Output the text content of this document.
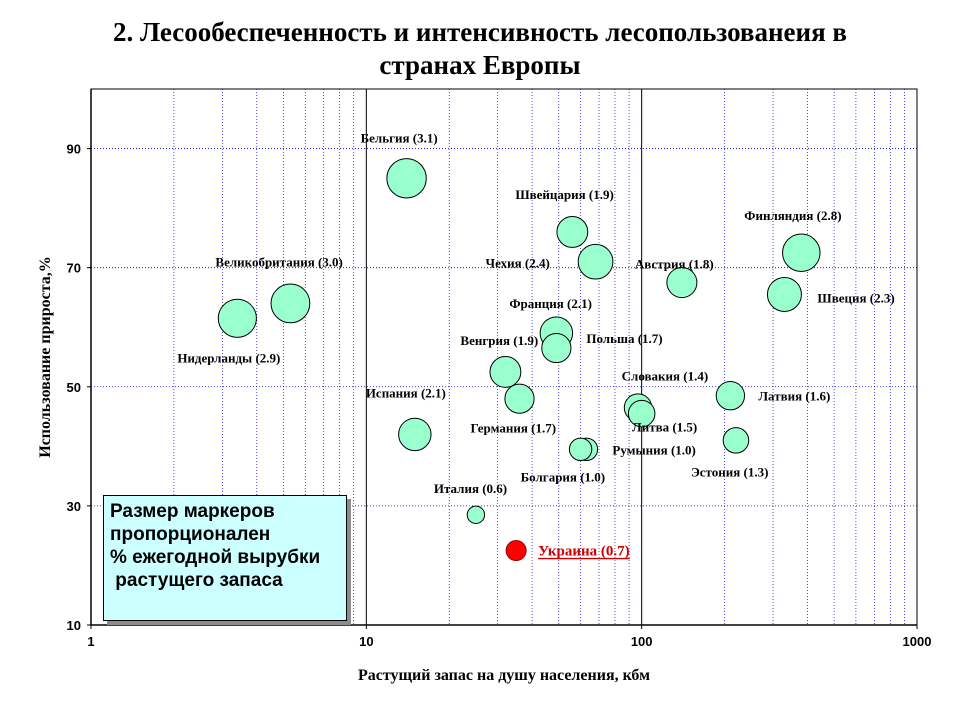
2. Лесообеспеченность и интенсивность лесопользованеия в
странах Европы
Бельгия (3.1)
Великобритания (3.0)
Нидерланды (2.9)
Швейцария (1.9)
Чехия (2.4)	Австрия (1.8)
Финляндия (2.8)
Швеция (2.3)
Франция (2.1)
Венгрия (1.9)	Польша (1.7)
Словакия (1.4)
Испания (2.1)
Германия (1.7)
Латвия (1.6)
Литва (1.5)
Эстония (1.3)
Румыния (1.0)
Болгария (1.0)
Италия (0.6)
Украина (0.7)
1	10	100	1000
10
30
50
70
90
Растущий запас на душу населения, кбм
Использование прироста,%
Размер маркеров
пропорционален
% ежегодной вырубки
растущего запаса
